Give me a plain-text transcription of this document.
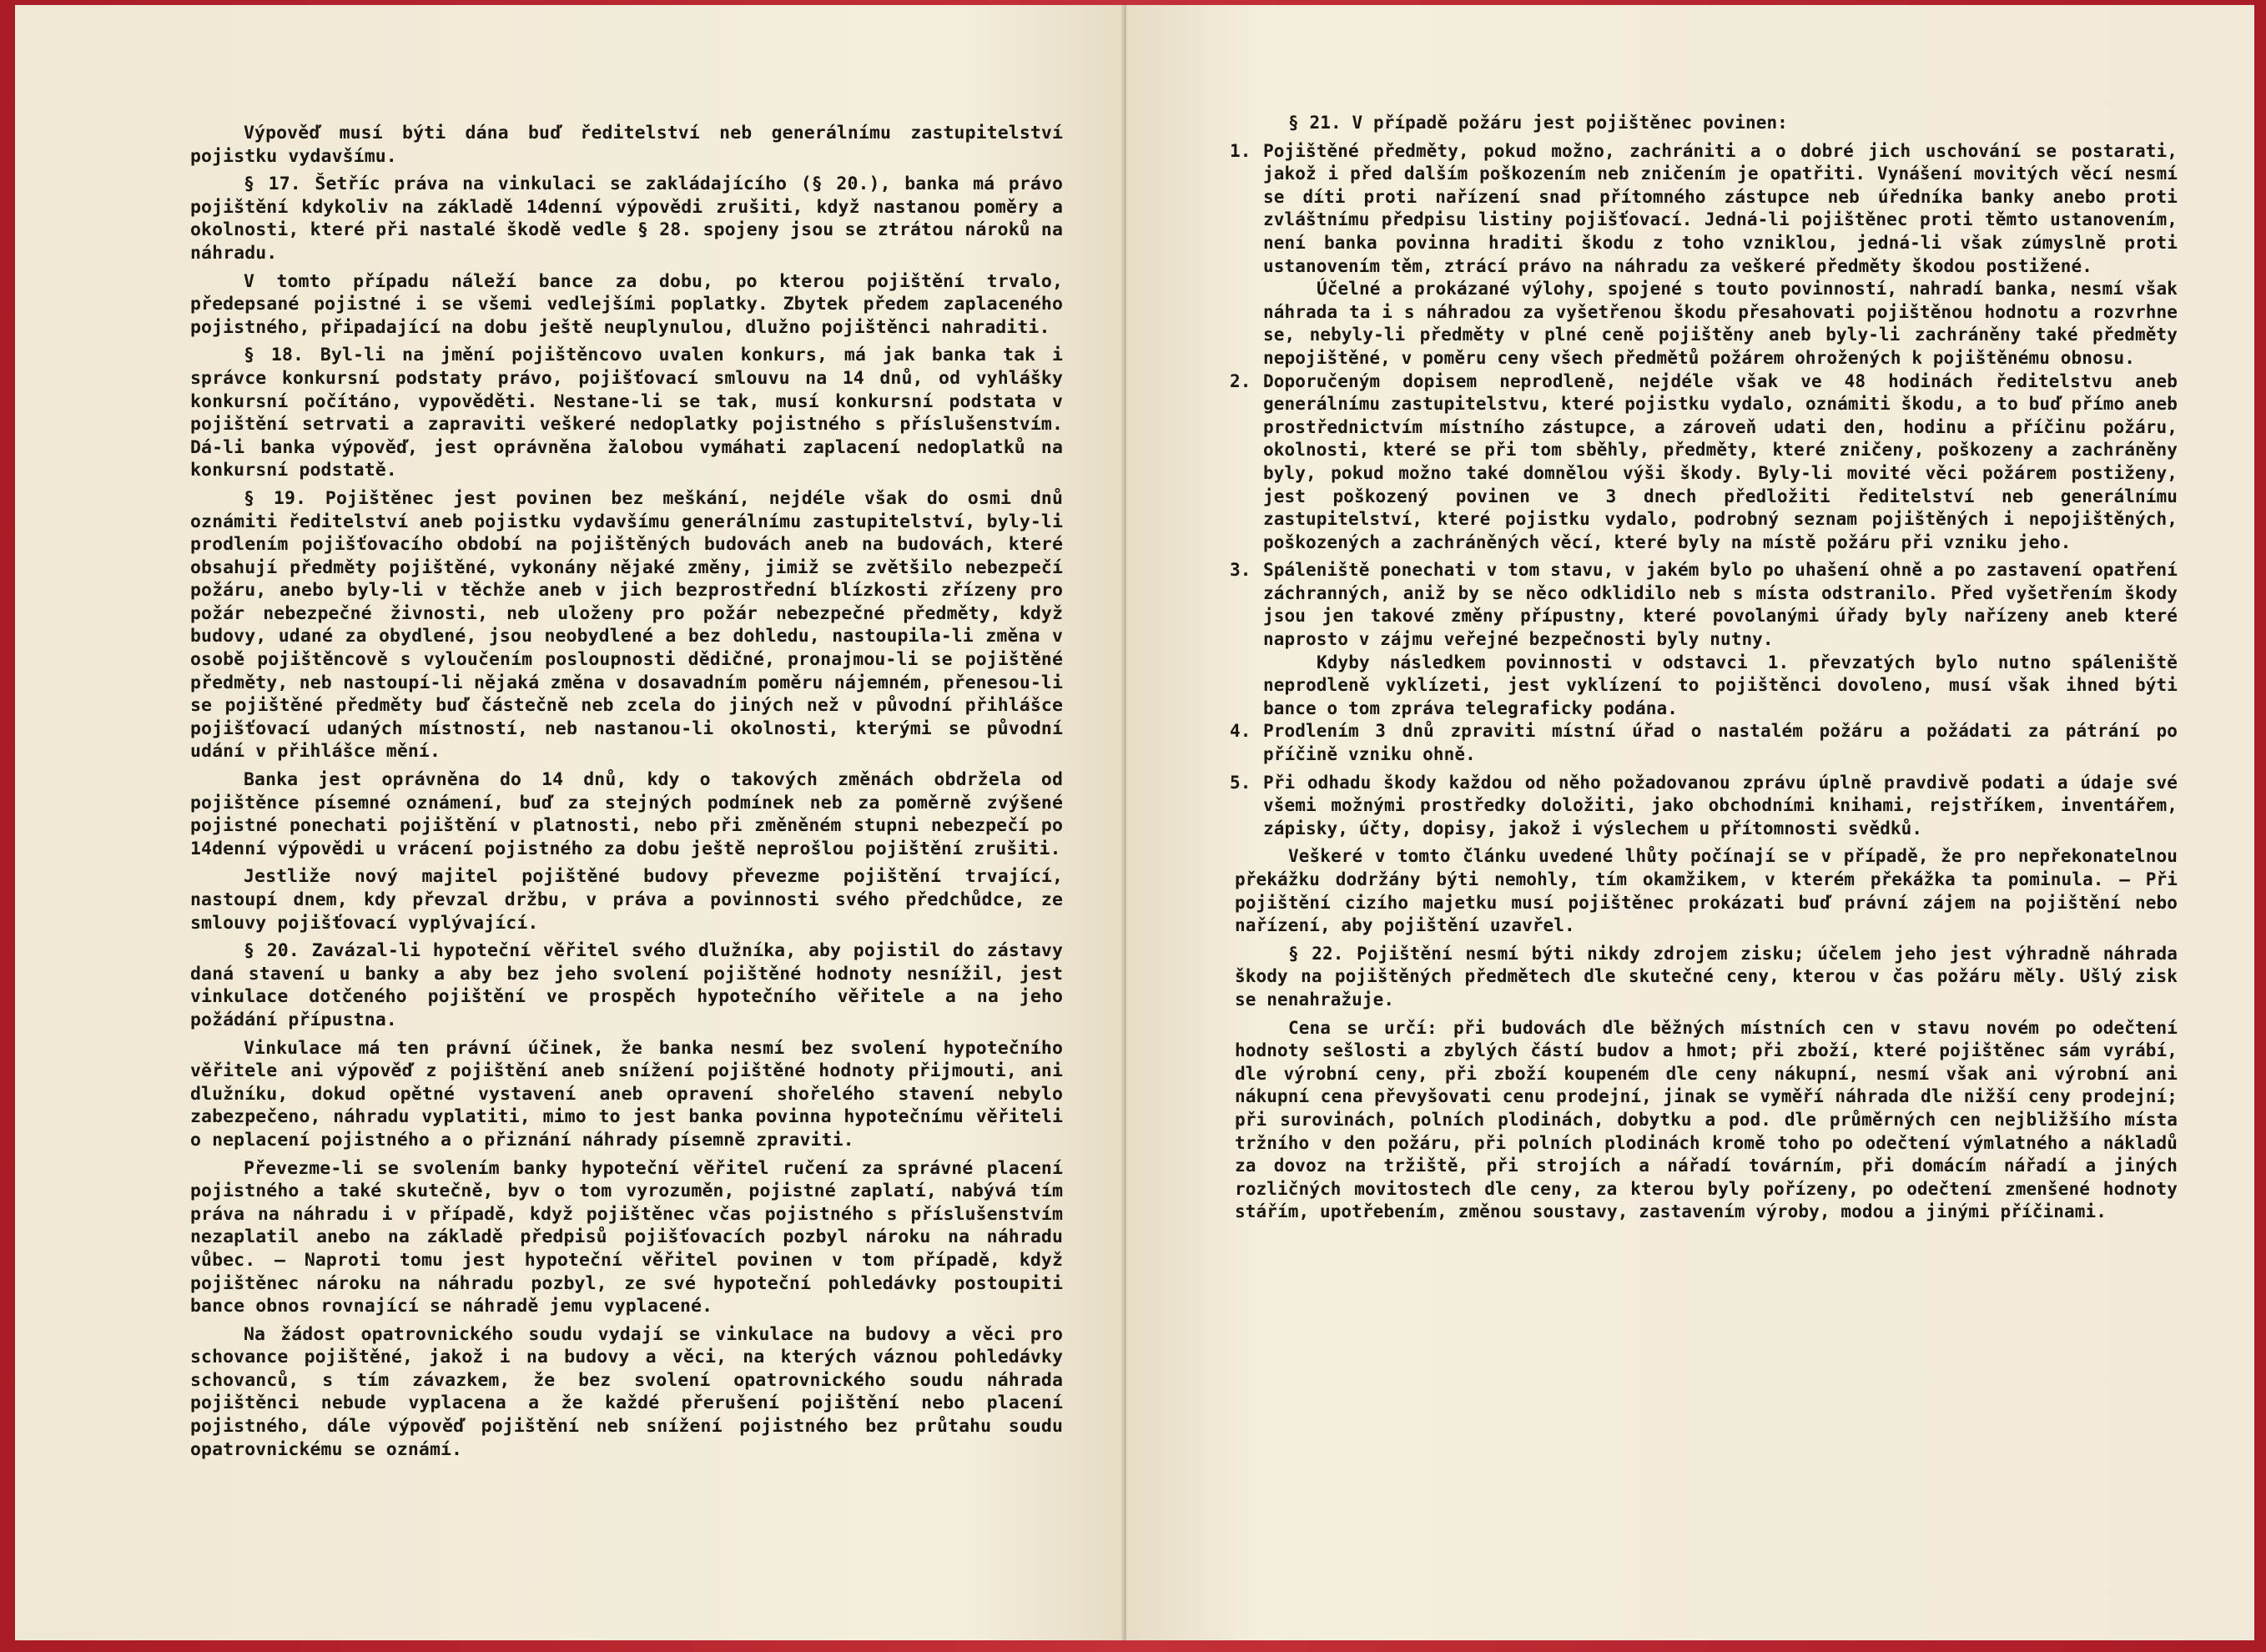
Výpověď musí býti dána buď ředitelství neb generálnímu zastupitelství pojistku vydavšímu.

§ 17. Šetříc práva na vinkulaci se zakládajícího (§ 20.), banka má právo pojištění kdykoliv na základě 14denní výpovědi zrušiti, když nastanou poměry a okolnosti, které při nastalé škodě vedle § 28. spojeny jsou se ztrátou nároků na náhradu.

V tomto případu náleží bance za dobu, po kterou pojištění trvalo, předepsané pojistné i se všemi vedlejšími poplatky. Zbytek předem zaplaceného pojistného, připadající na dobu ještě neuplynulou, dlužno pojištěnci nahraditi.

§ 18. Byl-li na jmění pojištěncovo uvalen konkurs, má jak banka tak i správce konkursní podstaty právo, pojišťovací smlouvu na 14 dnů, od vyhlášky konkursní počítáno, vypověděti. Nestane-li se tak, musí konkursní podstata v pojištění setrvati a zapraviti veškeré nedoplatky pojistného s příslušenstvím. Dá-li banka výpověď, jest oprávněna žalobou vymáhati zaplacení nedoplatků na konkursní podstatě.

§ 19. Pojištěnec jest povinen bez meškání, nejdéle však do osmi dnů oznámiti ředitelství aneb pojistku vydavšímu generálnímu zastupitelství, byly-li prodlením pojišťovacího období na pojištěných budovách aneb na budovách, které obsahují předměty pojištěné, vykonány nějaké změny, jimiž se zvětšilo nebezpečí požáru, anebo byly-li v těchže aneb v jich bezprostřední blízkosti zřízeny pro požár nebezpečné živnosti, neb uloženy pro požár nebezpečné předměty, když budovy, udané za obydlené, jsou neobydlené a bez dohledu, nastoupila-li změna v osobě pojištěncově s vyloučením posloupnosti dědičné, pronajmou-li se pojištěné předměty, neb nastoupí-li nějaká změna v dosavadním poměru nájemném, přenesou-li se pojištěné předměty buď částečně neb zcela do jiných než v původní přihlášce pojišťovací udaných místností, neb nastanou-li okolnosti, kterými se původní udání v přihlášce mění.

Banka jest oprávněna do 14 dnů, kdy o takových změnách obdržela od pojištěnce písemné oznámení, buď za stejných podmínek neb za poměrně zvýšené pojistné ponechati pojištění v platnosti, nebo při změněném stupni nebezpečí po 14denní výpovědi u vrácení pojistného za dobu ještě neprošlou pojištění zrušiti.

Jestliže nový majitel pojištěné budovy převezme pojištění trvající, nastoupí dnem, kdy převzal držbu, v práva a povinnosti svého předchůdce, ze smlouvy pojišťovací vyplývající.

§ 20. Zavázal-li hypoteční věřitel svého dlužníka, aby pojistil do zástavy daná stavení u banky a aby bez jeho svolení pojištěné hodnoty nesnížil, jest vinkulace dotčeného pojištění ve prospěch hypotečního věřitele a na jeho požádání přípustna.

Vinkulace má ten právní účinek, že banka nesmí bez svolení hypotečního věřitele ani výpověď z pojištění aneb snížení pojištěné hodnoty přijmouti, ani dlužníku, dokud opětné vystavení aneb opravení shořelého stavení nebylo zabezpečeno, náhradu vyplatiti, mimo to jest banka povinna hypotečnímu věřiteli o neplacení pojistného a o přiznání náhrady písemně zpraviti.

Převezme-li se svolením banky hypoteční věřitel ručení za správné placení pojistného a také skutečně, byv o tom vyrozuměn, pojistné zaplatí, nabývá tím práva na náhradu i v případě, když pojištěnec včas pojistného s příslušenstvím nezaplatil anebo na základě předpisů pojišťovacích pozbyl nároku na náhradu vůbec. — Naproti tomu jest hypoteční věřitel povinen v tom případě, když pojištěnec nároku na náhradu pozbyl, ze své hypoteční pohledávky postoupiti bance obnos rovnající se náhradě jemu vyplacené.

Na žádost opatrovnického soudu vydají se vinkulace na budovy a věci pro schovance pojištěné, jakož i na budovy a věci, na kterých váznou pohledávky schovanců, s tím závazkem, že bez svolení opatrovnického soudu náhrada pojištěnci nebude vyplacena a že každé přerušení pojištění nebo placení pojistného, dále výpověď pojištění neb snížení pojistného bez průtahu soudu opatrovnickému se oznámí.

§ 21. V případě požáru jest pojištěnec povinen:

1. Pojištěné předměty, pokud možno, zachrániti a o dobré jich uschování se postarati, jakož i před dalším poškozením neb zničením je opatřiti. Vynášení movitých věcí nesmí se díti proti nařízení snad přítomného zástupce neb úředníka banky anebo proti zvláštnímu předpisu listiny pojišťovací. Jedná-li pojištěnec proti těmto ustanovením, není banka povinna hraditi škodu z toho vzniklou, jedná-li však zúmyslně proti ustanovením těm, ztrácí právo na náhradu za veškeré předměty škodou postižené.

Účelné a prokázané výlohy, spojené s touto povinností, nahradí banka, nesmí však náhrada ta i s náhradou za vyšetřenou škodu přesahovati pojištěnou hodnotu a rozvrhne se, nebyly-li předměty v plné ceně pojištěny aneb byly-li zachráněny také předměty nepojištěné, v poměru ceny všech předmětů požárem ohrožených k pojištěnému obnosu.

2. Doporučeným dopisem neprodleně, nejdéle však ve 48 hodinách ředitelstvu aneb generálnímu zastupitelstvu, které pojistku vydalo, oznámiti škodu, a to buď přímo aneb prostřednictvím místního zástupce, a zároveň udati den, hodinu a příčinu požáru, okolnosti, které se při tom sběhly, předměty, které zničeny, poškozeny a zachráněny byly, pokud možno také domnělou výši škody. Byly-li movité věci požárem postiženy, jest poškozený povinen ve 3 dnech předložiti ředitelství neb generálnímu zastupitelství, které pojistku vydalo, podrobný seznam pojištěných i nepojištěných, poškozených a zachráněných věcí, které byly na místě požáru při vzniku jeho.
3. Spáleniště ponechati v tom stavu, v jakém bylo po uhašení ohně a po zastavení opatření záchranných, aniž by se něco odklidilo neb s místa odstranilo. Před vyšetřením škody jsou jen takové změny přípustny, které povolanými úřady byly nařízeny aneb které naprosto v zájmu veřejné bezpečnosti byly nutny.

Kdyby následkem povinnosti v odstavci 1. převzatých bylo nutno spáleniště neprodleně vyklízeti, jest vyklízení to pojištěnci dovoleno, musí však ihned býti bance o tom zpráva telegraficky podána.

4. Prodlením 3 dnů zpraviti místní úřad o nastalém požáru a požádati za pátrání po příčině vzniku ohně.
5. Při odhadu škody každou od něho požadovanou zprávu úplně pravdivě podati a údaje své všemi možnými prostředky doložiti, jako obchodními knihami, rejstříkem, inventářem, zápisky, účty, dopisy, jakož i výslechem u přítomnosti svědků.

Veškeré v tomto článku uvedené lhůty počínají se v případě, že pro nepřekonatelnou překážku dodržány býti nemohly, tím okamžikem, v kterém překážka ta pominula. — Při pojištění cizího majetku musí pojištěnec prokázati buď právní zájem na pojištění nebo nařízení, aby pojištění uzavřel.

§ 22. Pojištění nesmí býti nikdy zdrojem zisku; účelem jeho jest výhradně náhrada škody na pojištěných předmětech dle skutečné ceny, kterou v čas požáru měly. Ušlý zisk se nenahražuje.

Cena se určí: při budovách dle běžných místních cen v stavu novém po odečtení hodnoty sešlosti a zbylých částí budov a hmot; při zboží, které pojištěnec sám vyrábí, dle výrobní ceny, při zboží koupeném dle ceny nákupní, nesmí však ani výrobní ani nákupní cena převyšovati cenu prodejní, jinak se vyměří náhrada dle nižší ceny prodejní; při surovinách, polních plodinách, dobytku a pod. dle průměrných cen nejbližšího místa tržního v den požáru, při polních plodinách kromě toho po odečtení výmlatného a nákladů za dovoz na tržiště, při strojích a nářadí továrním, při domácím nářadí a jiných rozličných movitostech dle ceny, za kterou byly pořízeny, po odečtení zmenšené hodnoty stářím, upotřebením, změnou soustavy, zastavením výroby, modou a jinými příčinami.
